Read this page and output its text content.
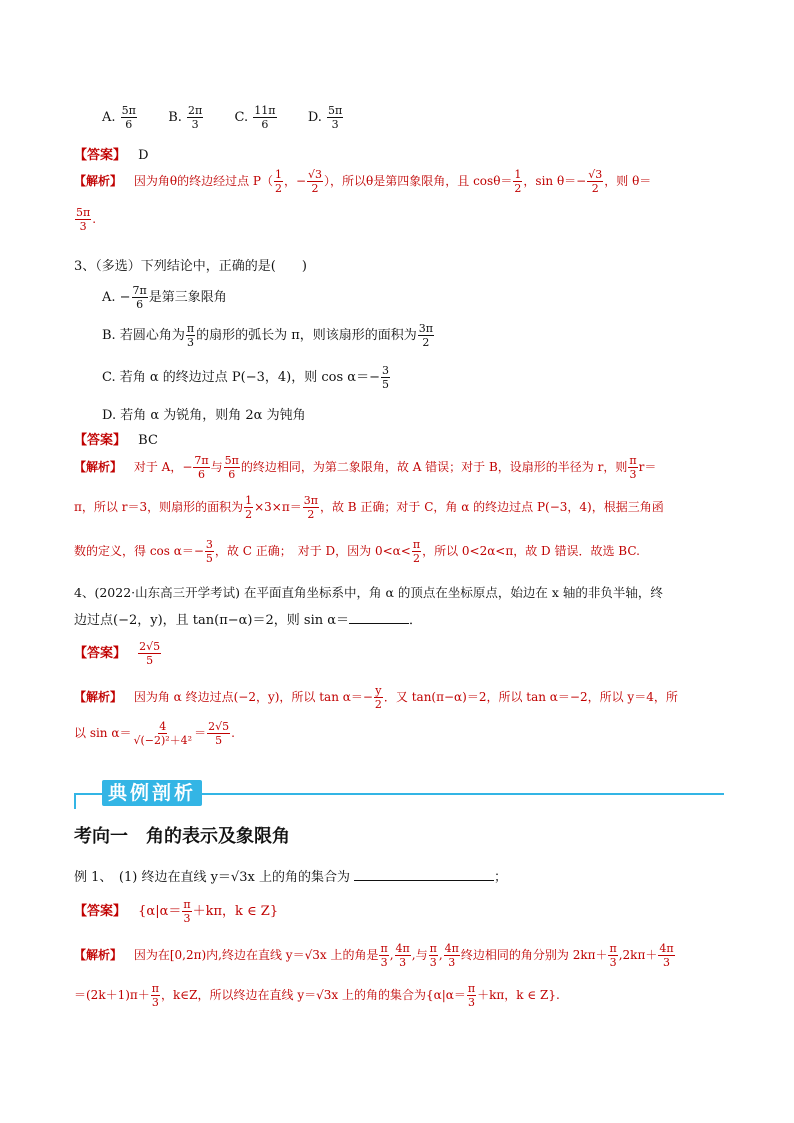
A. $\frac{5\pi}{6} B$. $\frac{2\pi}{3} C$. $\frac{11\pi}{6} D$. $\frac{5\pi}{3}$
【答案】 D
【解析】 因为角θ的终边经过点 $P( \frac{1}{2}$ ，− $\frac{√3}{2}$ ），所以θ是第四象限角，且 $\cos\theta= \frac{1}{2}$ ，$\sin \theta=- \frac{√3}{2}$ ，则 θ＝
$\frac{5\pi}{3}$ .
3、（多选）下列结论中，正确的是(　　)
A. − $\frac{7\pi}{6}$ 是第三象限角
B. 若圆心角为 $\frac{\pi}{3}$ 的扇形的弧长为 π，则该扇形的面积为 $\frac{3\pi}{2}$
C. 若角 α 的终边过点 P(−3，4)，则 $\cos \alpha=- \frac{3}{5}$
D. 若角 α 为锐角，则角 2α 为钝角
【答案】 BC
【解析】 对于 A，− $\frac{7\pi}{6}$ 与 $\frac{5\pi}{6}$ 的终边相同，为第二象限角，故 A 错误；对于 B，设扇形的半径为 r，则 $\frac{\pi}{3} r=$
π，所以 r＝3，则扇形的面积为 $\frac{1}{2} \times 3\times\pi= \frac{3\pi}{2}$ ，故 B 正确；对于 C，角 α 的终边过点 P(−3，4)，根据三角函
数的定义，得 $\cos \alpha=- \frac{3}{5}$ ，故 C 正确；　对于 D，因为 $0<\alpha< \frac{\pi}{2}$ ，所以 0<2α<π，故 D 错误．故选 BC.
4、(2022·山东高三开学考试) 在平面直角坐标系中，角 α 的顶点在坐标原点，始边在 x 轴的非负半轴，终
边过点(−2，y)，且 tan(π−α)＝2，则 sin α＝	．
【答案】 $\frac{2√5}{5}$
【解析】 因为角 α 终边过点(−2，y)，所以 $\tan \alpha=- \frac{y}{2}$ ．又 tan(π−α)＝2，所以 tan α＝−2，所以 y＝4，所
以 $\sin \alpha= \frac{4}{\text{√(−2)²＋4²}} = \frac{2√5}{5}$ .
典例剖析
考向一　角的表示及象限角
例 1、　(1) 终边在直线 y＝√3x 上的角的集合为	；
【答案】 {$\alpha|\alpha= \frac{\pi}{3} +k\pi$，k ∈ Z}
【解析】 因为在[0,2π)内,终边在直线 y＝√3x 上的角是 $\frac{\pi}{3}$ , $\frac{4\pi}{3}$ ,与 $\frac{\pi}{3}$ , $\frac{4\pi}{3}$ 终边相同的角分别为 $2k\pi+ \frac{\pi}{3} ,2k\pi+ \frac{4\pi}{3}$
$=(2k+1)\pi+ \frac{\pi}{3}$ ，k∈Z，所以终边在直线 y＝√3x 上的角的集合为{$\alpha|\alpha= \frac{\pi}{3} +k\pi$，k ∈ Z}.
